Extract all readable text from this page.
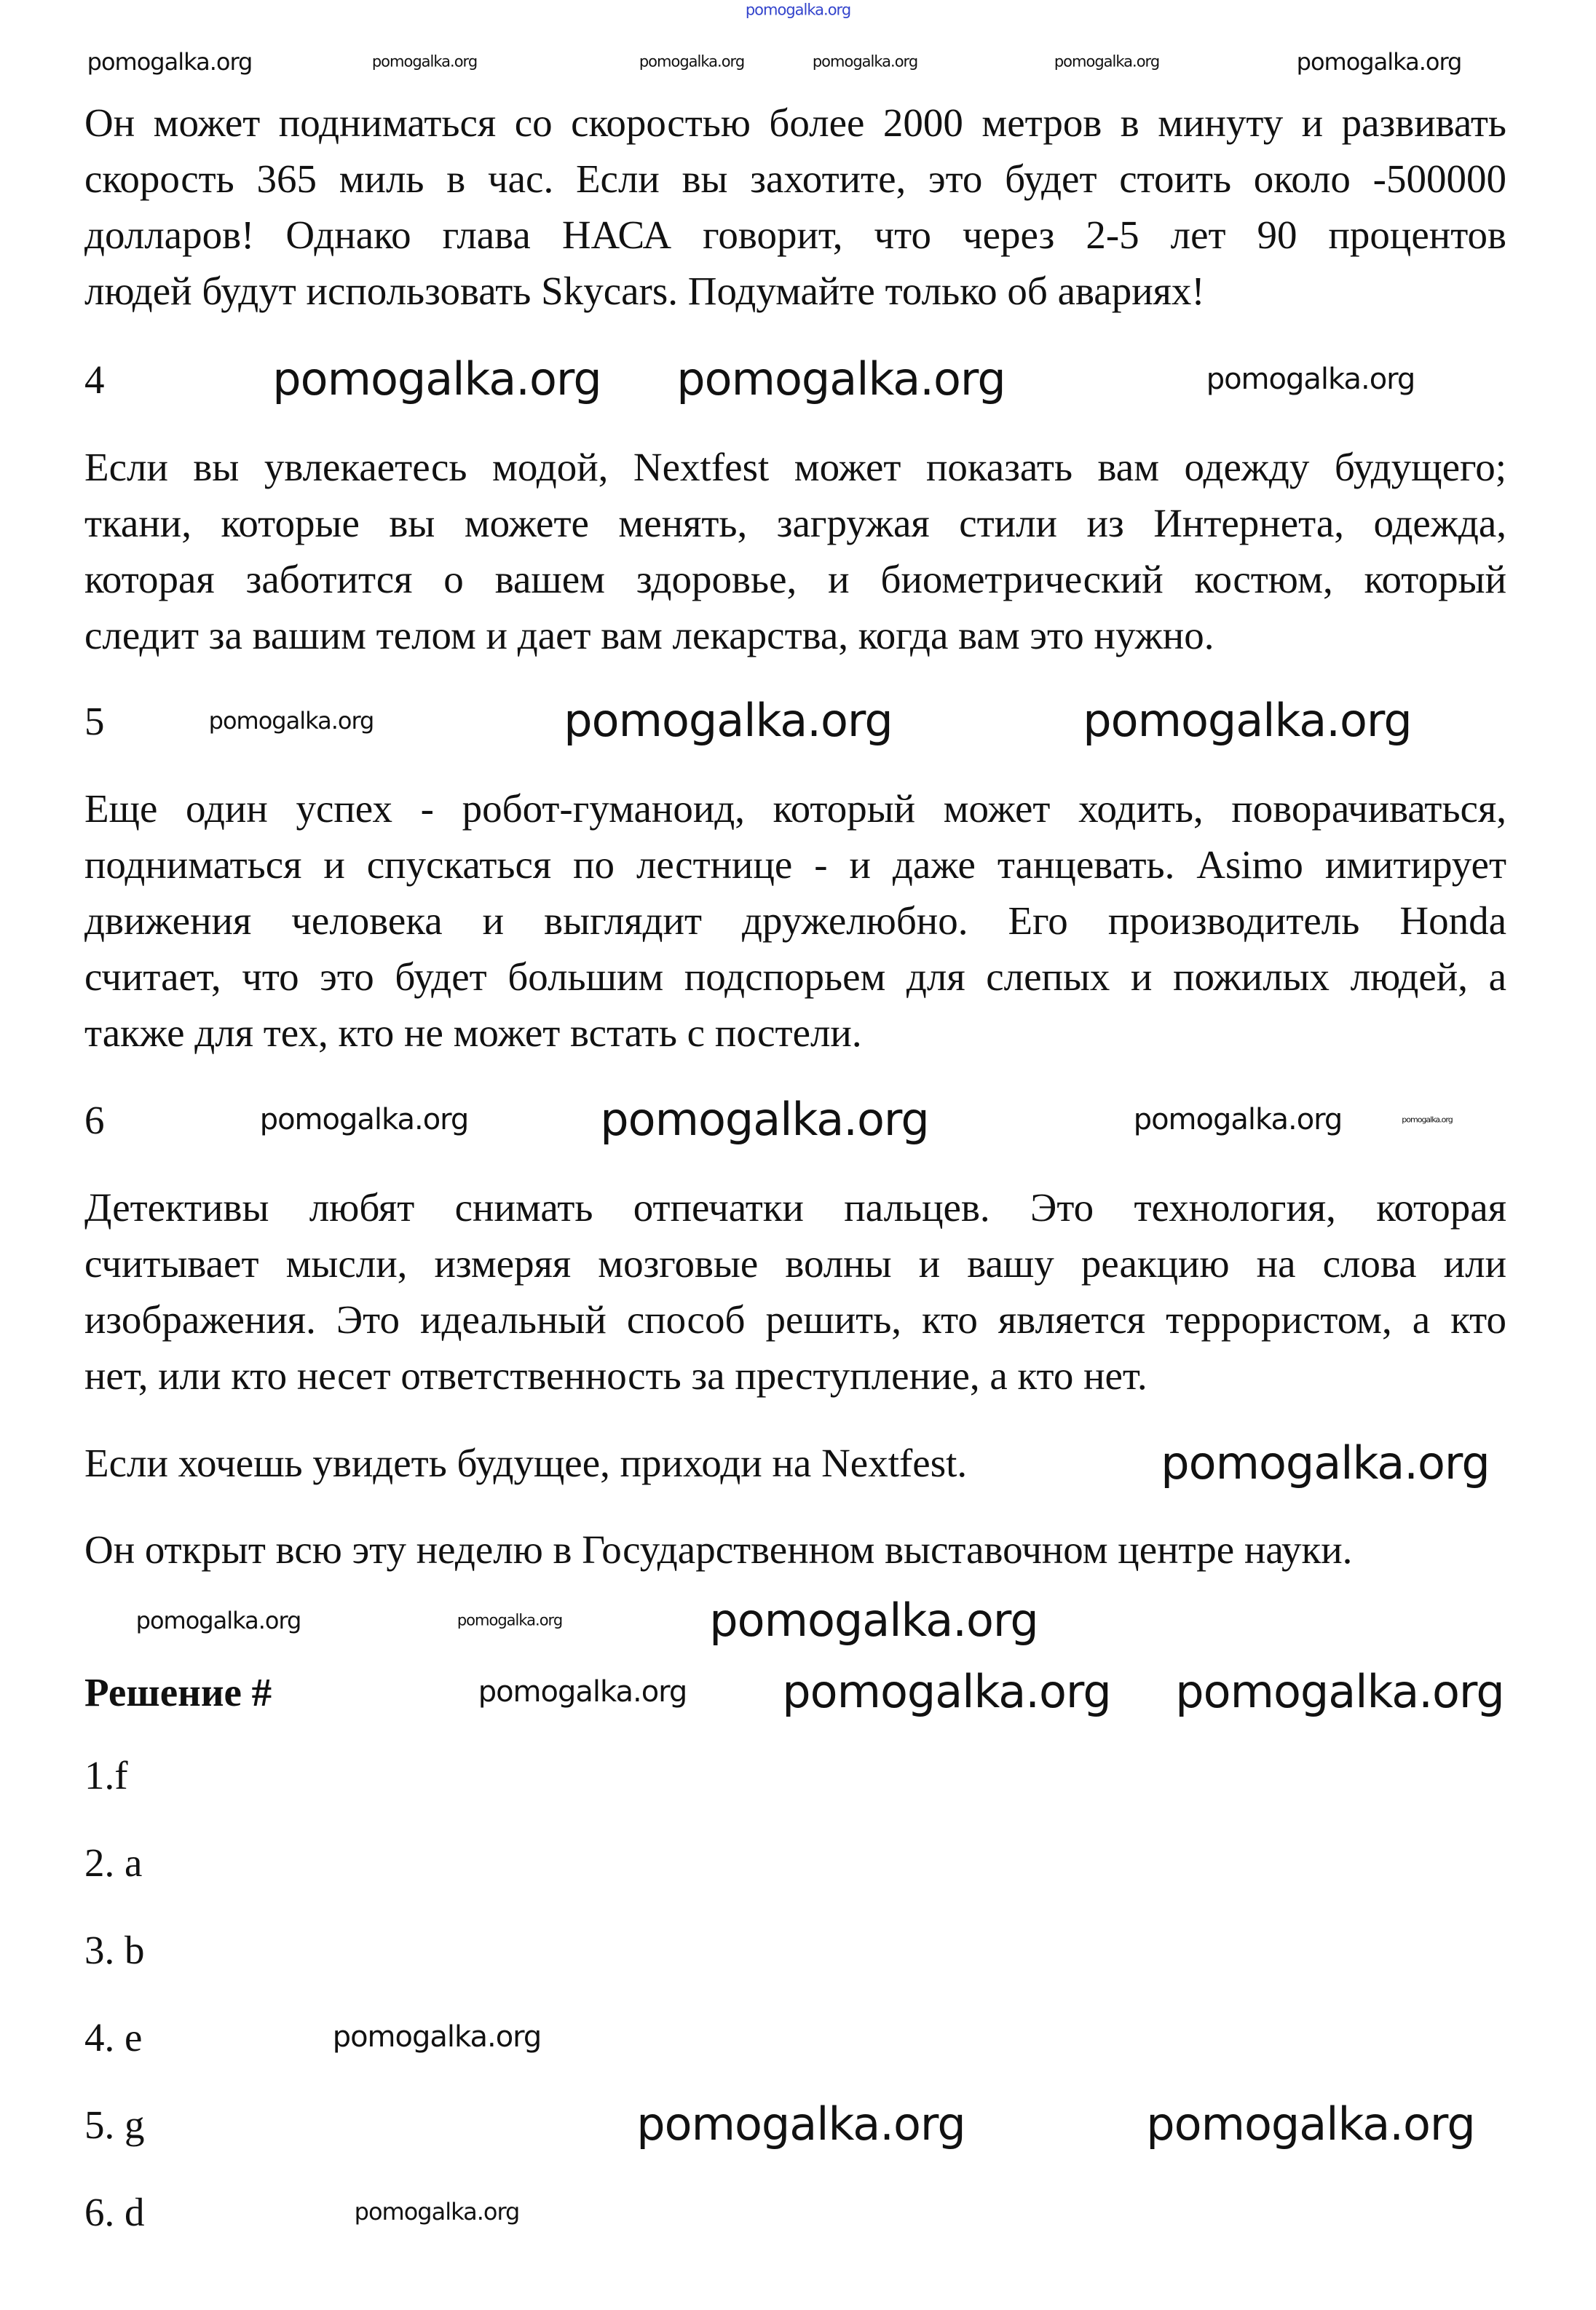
Он может подниматься со скоростью более 2000 метров в минуту и развивать
скорость 365 миль в час. Если вы захотите, это будет стоить около -500000
долларов! Однако глава НАСА говорит, что через 2-5 лет 90 процентов
людей будут использовать Skycars. Подумайте только об авариях!
4
Если вы увлекаетесь модой, Nextfest может показать вам одежду будущего;
ткани, которые вы можете менять, загружая стили из Интернета, одежда,
которая заботится о вашем здоровье, и биометрический костюм, который
следит за вашим телом и дает вам лекарства, когда вам это нужно.
5
Еще один успех - робот-гуманоид, который может ходить, поворачиваться,
подниматься и спускаться по лестнице - и даже танцевать. Asimo имитирует
движения человека и выглядит дружелюбно. Его производитель Honda
считает, что это будет большим подспорьем для слепых и пожилых людей, а
также для тех, кто не может встать с постели.
6
Детективы любят снимать отпечатки пальцев. Это технология, которая
считывает мысли, измеряя мозговые волны и вашу реакцию на слова или
изображения. Это идеальный способ решить, кто является террористом, а кто
нет, или кто несет ответственность за преступление, а кто нет.
Если хочешь увидеть будущее, приходи на Nextfest.
Он открыт всю эту неделю в Государственном выставочном центре науки.
Решение #
1.f
2. a
3. b
4. e
5. g
6. d
pomogalka.org
pomogalka.org	pomogalka.org	pomogalka.org	pomogalka.org	pomogalka.org	pomogalka.org
pomogalka.org pomogalka.org	pomogalka.org
pomogalka.org	pomogalka.org	pomogalka.org
pomogalka.org	pomogalka.org	pomogalka.org	pomogalka.org
pomogalka.org
pomogalka.org	pomogalka.org	pomogalka.org
pomogalka.org pomogalka.org pomogalka.org
pomogalka.org
pomogalka.org	pomogalka.org
pomogalka.org
